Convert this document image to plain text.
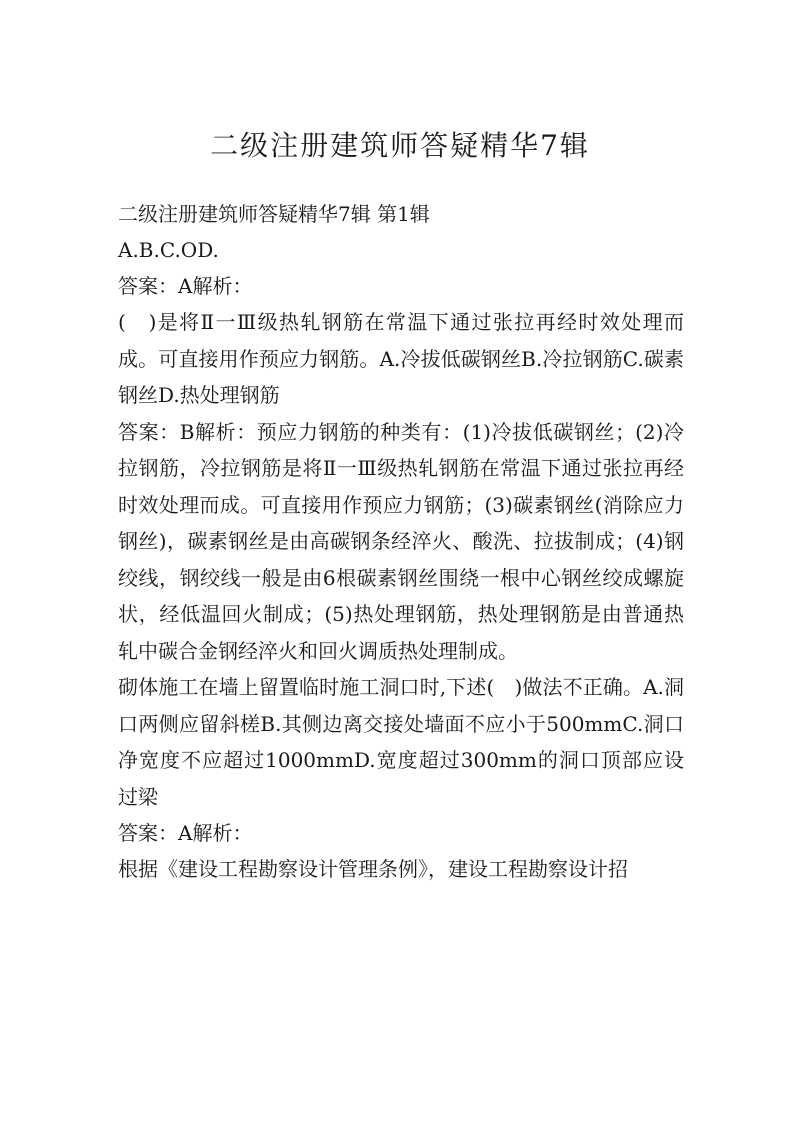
二级注册建筑师答疑精华7辑

二级注册建筑师答疑精华7辑 第1辑

A.B.C.OD.

答案：A解析：

(　)是将Ⅱ一Ⅲ级热轧钢筋在常温下通过张拉再经时效处理而成。可直接用作预应力钢筋。A.冷拔低碳钢丝B.冷拉钢筋C.碳素钢丝D.热处理钢筋

答案：B解析：预应力钢筋的种类有：(1)冷拔低碳钢丝；(2)冷拉钢筋，冷拉钢筋是将Ⅱ一Ⅲ级热轧钢筋在常温下通过张拉再经时效处理而成。可直接用作预应力钢筋；(3)碳素钢丝(消除应力钢丝)，碳素钢丝是由高碳钢条经淬火、酸洗、拉拔制成；(4)钢绞线，钢绞线一般是由6根碳素钢丝围绕一根中心钢丝绞成螺旋状，经低温回火制成；(5)热处理钢筋，热处理钢筋是由普通热轧中碳合金钢经淬火和回火调质热处理制成。

砌体施工在墙上留置临时施工洞口时,下述(　)做法不正确。A.洞口两侧应留斜槎B.其侧边离交接处墙面不应小于500mmC.洞口净宽度不应超过1000mmD.宽度超过300mm的洞口顶部应设过梁

答案：A解析：

根据《建设工程勘察设计管理条例》，建设工程勘察设计招
